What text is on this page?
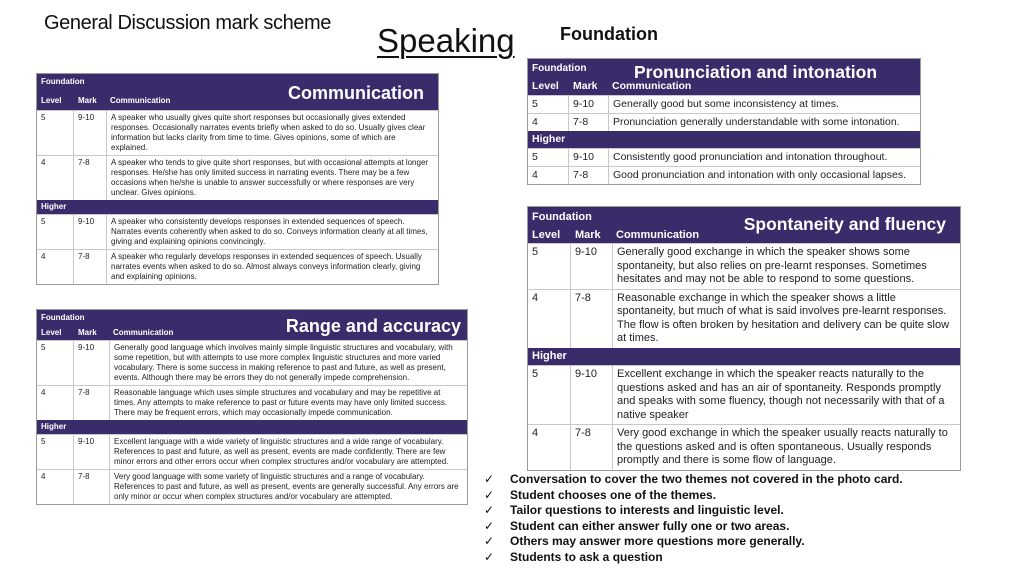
General Discussion mark scheme Speaking	Foundation
Foundation
Level Mark Communication	Communication
5	9-10	A speaker who usually gives quite short responses but occasionally gives extended responses. Occasionally narrates events briefly when asked to do so. Usually gives clear information but lacks clarity from time to time. Gives opinions, some of which are explained.
4	7-8	A speaker who tends to give quite short responses, but with occasional attempts at longer responses. He/she has only limited success in narrating events. There may be a few occasions when he/she is unable to answer successfully or where responses are very unclear. Gives opinions.
Higher
5	9-10	A speaker who consistently develops responses in extended sequences of speech. Narrates events coherently when asked to do so. Conveys information clearly at all times, giving and explaining opinions convincingly.
4	7-8	A speaker who regularly develops responses in extended sequences of speech. Usually narrates events when asked to do so. Almost always conveys information clearly, giving and explaining opinions.
Foundation
Level Mark Communication	Range and accuracy
5	9-10	Generally good language which involves mainly simple linguistic structures and vocabulary, with some repetition, but with attempts to use more complex linguistic structures and more varied vocabulary. There is some success in making reference to past and future, as well as present, events. Although there may be errors they do not generally impede comprehension.
4	7-8	Reasonable language which uses simple structures and vocabulary and may be repetitive at times. Any attempts to make reference to past or future events may have only limited success. There may be frequent errors, which may occasionally impede communication.
Higher
5	9-10	Excellent language with a wide variety of linguistic structures and a wide range of vocabulary. References to past and future, as well as present, events are made confidently. There are few minor errors and other errors occur when complex structures and/or vocabulary are attempted.
4	7-8	Very good language with some variety of linguistic structures and a range of vocabulary. References to past and future, as well as present, events are generally successful. Any errors are only minor or occur when complex structures and/or vocabulary are attempted.
Foundation
Level Mark Communication
Pronunciation and intonation
5	9-10	Generally good but some inconsistency at times.
4	7-8	Pronunciation generally understandable with some intonation.
Higher
5	9-10	Consistently good pronunciation and intonation throughout.
4	7-8	Good pronunciation and intonation with only occasional lapses.
Foundation
Level Mark Communication
Spontaneity and fluency
5	9-10	Generally good exchange in which the speaker shows some spontaneity, but also relies on pre-learnt responses. Sometimes hesitates and may not be able to respond to some questions.
4	7-8	Reasonable exchange in which the speaker shows a little spontaneity, but much of what is said involves pre-learnt responses. The flow is often broken by hesitation and delivery can be quite slow at times.
Higher
5	9-10	Excellent exchange in which the speaker reacts naturally to the questions asked and has an air of spontaneity. Responds promptly and speaks with some fluency, though not necessarily with that of a native speaker
4	7-8	Very good exchange in which the speaker usually reacts naturally to the questions asked and is often spontaneous. Usually responds promptly and there is some flow of language.
✓	Conversation to cover the two themes not covered in the photo card.
✓	Student chooses one of the themes.
✓	Tailor questions to interests and linguistic level.
✓	Student can either answer fully one or two areas.
✓	Others may answer more questions more generally.
✓	Students to ask a question
